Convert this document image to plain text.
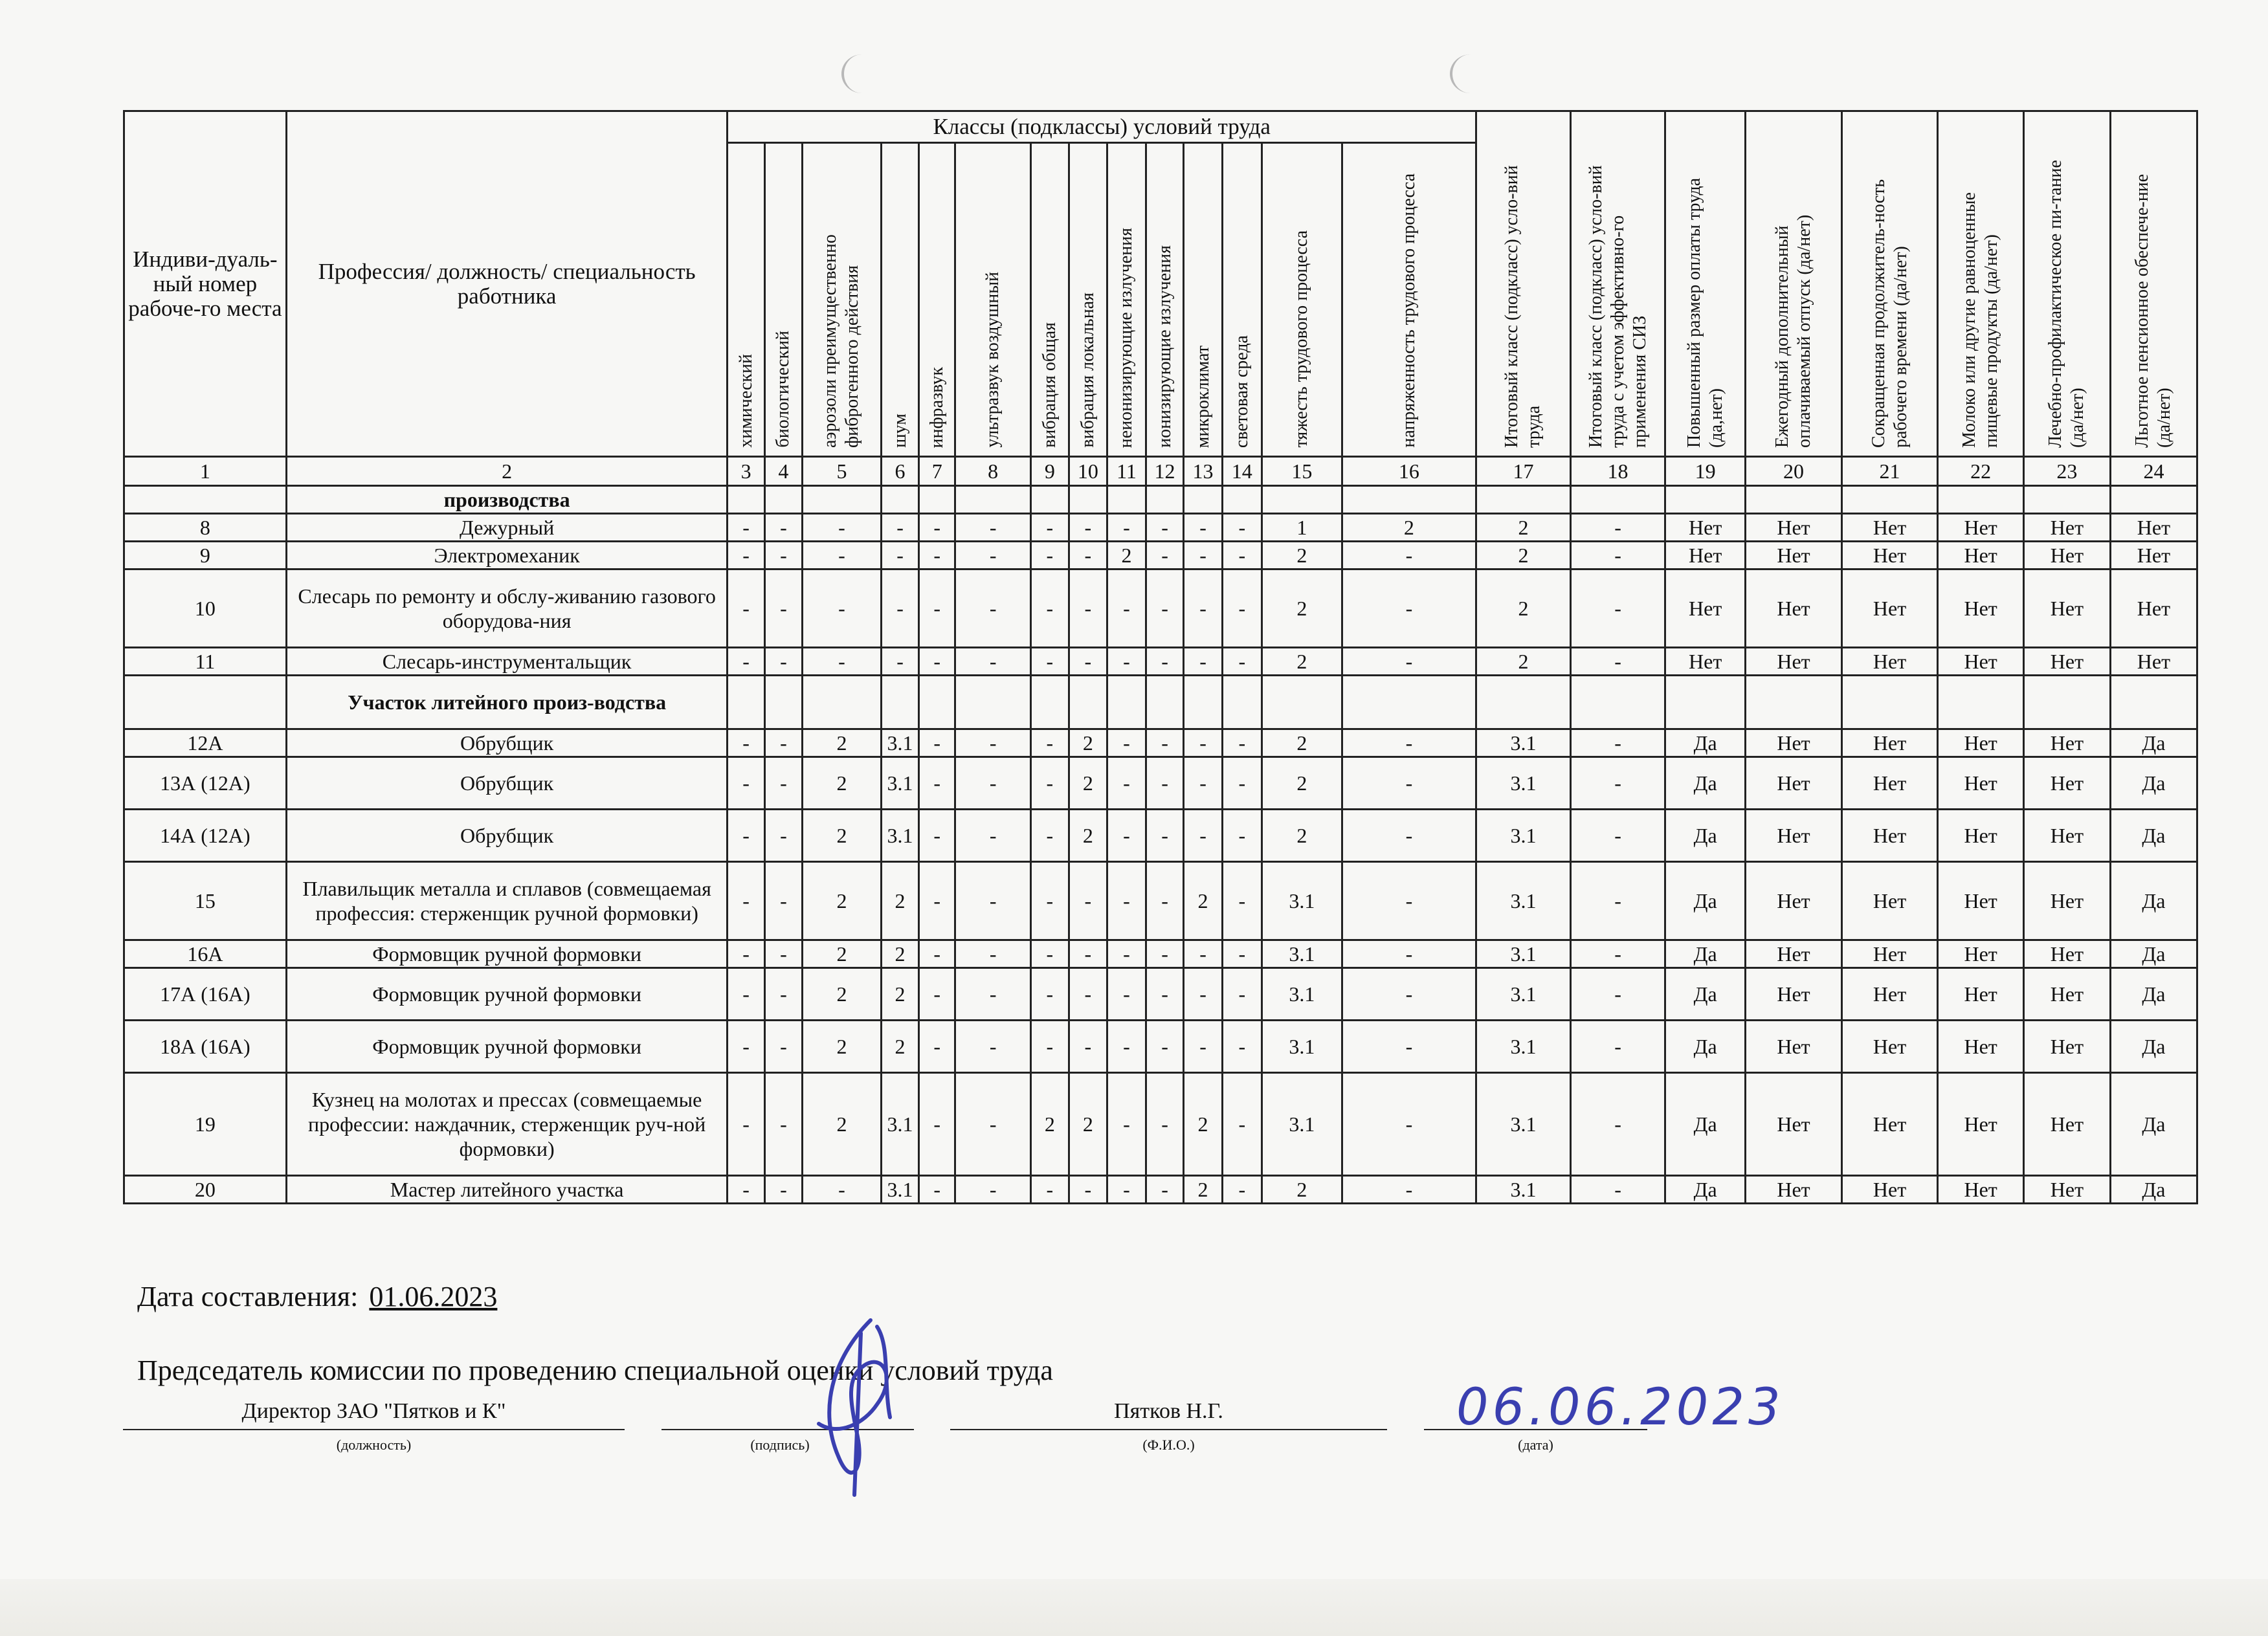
Индиви-дуаль-ный номер рабоче-го места	Профессия/ должность/ специальность работника	Классы (подклассы) условий труда														Итоговый класс (подкласс) усло-вий труда	Итоговый класс (подкласс) усло-вий труда с учетом эффективно-го применения СИЗ	Повышенный размер оплаты труда (да,нет)	Ежегодный дополнительный оплачиваемый отпуск (да/нет)	Сокращенная продолжитель-ность рабочего времени (да/нет)	Молоко или другие равноценные пищевые продукты (да/нет)	Лечебно-профилактическое пи-тание (да/нет)	Льготное пенсионное обеспече-ние (да/нет)
		химический	биологический	аэрозоли преимущественно фиброгенного действия	шум	инфразвук	ультразвук воздушный	вибрация общая	вибрация локальная	неионизирующие излучения	ионизирующие излучения	микроклимат	световая среда	тяжесть трудового процесса	напряженность трудового процесса								
1	2	3	4	5	6	7	8	9	10	11	12	13	14	15	16	17	18	19	20	21	22	23	24
	производства																						
8	Дежурный	-	-	-	-	-	-	-	-	-	-	-	-	1	2	2	-	Нет	Нет	Нет	Нет	Нет	Нет
9	Электромеханик	-	-	-	-	-	-	-	-	2	-	-	-	2	-	2	-	Нет	Нет	Нет	Нет	Нет	Нет
10	Слесарь по ремонту и обслу-живанию газового оборудова-ния	-	-	-	-	-	-	-	-	-	-	-	-	2	-	2	-	Нет	Нет	Нет	Нет	Нет	Нет
11	Слесарь-инструментальщик	-	-	-	-	-	-	-	-	-	-	-	-	2	-	2	-	Нет	Нет	Нет	Нет	Нет	Нет
	Участок литейного произ-водства																						
12А	Обрубщик	-	-	2	3.1	-	-	-	2	-	-	-	-	2	-	3.1	-	Да	Нет	Нет	Нет	Нет	Да
13А (12А)	Обрубщик	-	-	2	3.1	-	-	-	2	-	-	-	-	2	-	3.1	-	Да	Нет	Нет	Нет	Нет	Да
14А (12А)	Обрубщик	-	-	2	3.1	-	-	-	2	-	-	-	-	2	-	3.1	-	Да	Нет	Нет	Нет	Нет	Да
15	Плавильщик металла и сплавов (совмещаемая профессия: стерженщик ручной формовки)	-	-	2	2	-	-	-	-	-	-	2	-	3.1	-	3.1	-	Да	Нет	Нет	Нет	Нет	Да
16А	Формовщик ручной формовки	-	-	2	2	-	-	-	-	-	-	-	-	3.1	-	3.1	-	Да	Нет	Нет	Нет	Нет	Да
17А (16А)	Формовщик ручной формовки	-	-	2	2	-	-	-	-	-	-	-	-	3.1	-	3.1	-	Да	Нет	Нет	Нет	Нет	Да
18А (16А)	Формовщик ручной формовки	-	-	2	2	-	-	-	-	-	-	-	-	3.1	-	3.1	-	Да	Нет	Нет	Нет	Нет	Да
19	Кузнец на молотах и прессах (совмещаемые профессии: наждачник, стерженщик руч-ной формовки)	-	-	2	3.1	-	-	2	2	-	-	2	-	3.1	-	3.1	-	Да	Нет	Нет	Нет	Нет	Да
20	Мастер литейного участка	-	-	-	3.1	-	-	-	-	-	-	2	-	2	-	3.1	-	Да	Нет	Нет	Нет	Нет	Да
Дата составления: 01.06.2023
Председатель комиссии по проведению специальной оценки условий труда
Директор ЗАО "Пятков и К"
(должность)	(подпись)
Пятков Н.Г.
(Ф.И.О.)	(дата)
06.06.2023
